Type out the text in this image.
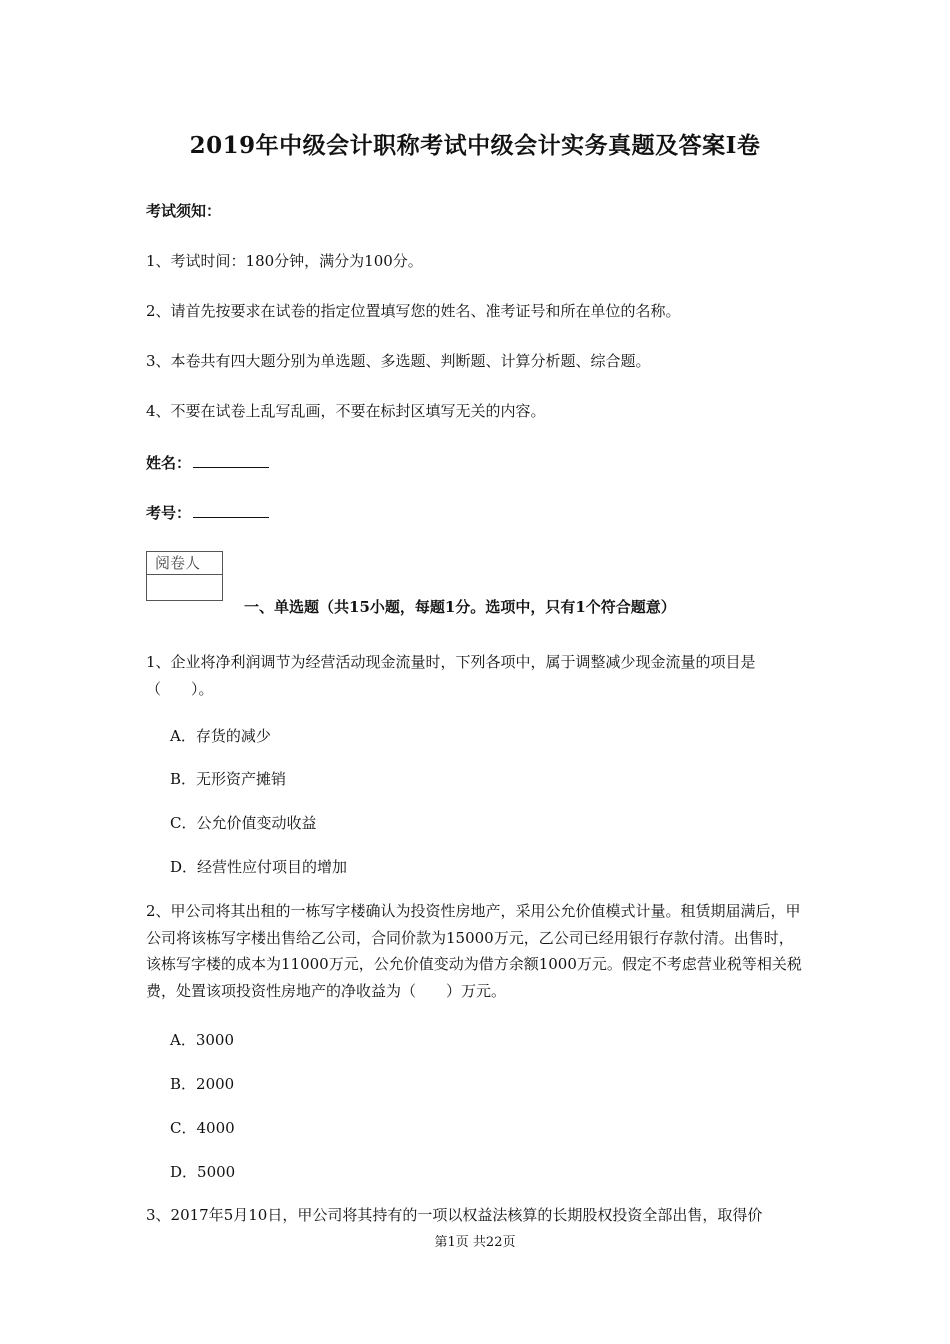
2019年中级会计职称考试中级会计实务真题及答案Ⅰ卷
考试须知：
1、考试时间：180分钟，满分为100分。
2、请首先按要求在试卷的指定位置填写您的姓名、准考证号和所在单位的名称。
3、本卷共有四大题分别为单选题、多选题、判断题、计算分析题、综合题。
4、不要在试卷上乱写乱画，不要在标封区填写无关的内容。
姓名：
考号：
阅卷人
一、单选题（共15小题，每题1分。选项中，只有1个符合题意）
1、企业将净利润调节为经营活动现金流量时，下列各项中，属于调整减少现金流量的项目是（　　）。
A．存货的减少
B．无形资产摊销
C．公允价值变动收益
D．经营性应付项目的增加
2、甲公司将其出租的一栋写字楼确认为投资性房地产，采用公允价值模式计量。租赁期届满后，甲公司将该栋写字楼出售给乙公司，合同价款为15000万元，乙公司已经用银行存款付清。出售时，该栋写字楼的成本为11000万元，公允价值变动为借方余额1000万元。假定不考虑营业税等相关税费，处置该项投资性房地产的净收益为（　　）万元。
A．3000
B．2000
C．4000
D．5000
3、2017年5月10日，甲公司将其持有的一项以权益法核算的长期股权投资全部出售，取得价
第1页 共22页
